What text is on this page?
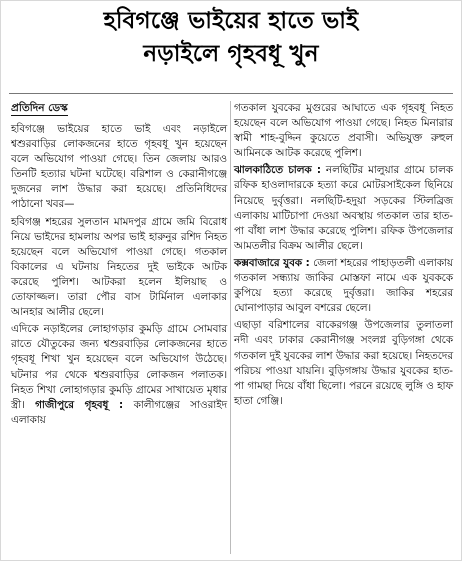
হবিগঞ্জে ভাইয়ের হাতে ভাই
নড়াইলে গৃহবধূ খুন
প্রতিদিন ডেস্ক

হবিগঞ্জে ভাইয়ের হাতে ভাই এবং নড়াইলে শ্বশুরবাড়ির লোকজনের হাতে গৃহবধূ খুন হয়েছেন বলে অভিযোগ পাওয়া গেছে। তিন জেলায় আরও তিনটি হত্যার ঘটনা ঘটেছে। বরিশাল ও কেরানীগঞ্জে দুজনের লাশ উদ্ধার করা হয়েছে। প্রতিনিধিদের পাঠানো খবর—

হবিগঞ্জ শহরের সুলতান মামদপুর গ্রামে জমি বিরোধ নিয়ে ভাইদের হামলায় অপর ভাই হারুনুর রশিদ নিহত হয়েছেন বলে অভিযোগ পাওয়া গেছে। গতকাল বিকালের এ ঘটনায় নিহতের দুই ভাইকে আটক করেছে পুলিশ। আটকরা হলেন ইলিয়াছ ও তোফাজ্জল। তারা পৌর বাস টার্মিনাল এলাকার আনহার আলীর ছেলে।

এদিকে নড়াইলের লোহাগড়ার কুমড়ি গ্রামে সোমবার রাতে যৌতুকের জন্য শ্বশুরবাড়ির লোকজনের হাতে গৃহবধূ শিখা খুন হয়েছেন বলে অভিযোগ উঠেছে। ঘটনার পর থেকে শ্বশুরবাড়ির লোকজন পলাতক। নিহত শিখা লোহাগড়ার কুমড়ি গ্রামের সাখায়েত মৃধার স্ত্রী। গাজীপুরে গৃহবধূ : কালীগঞ্জের সাওরাইদ এলাকায়

গতকাল যুবকের মুগুরের আঘাতে এক গৃহবধূ নিহত হয়েছেন বলে অভিযোগ পাওয়া গেছে। নিহত মিনারার স্বামী শাহ-বুদ্দিন কুয়েতে প্রবাসী। অভিযুক্ত রুহুল আমিনকে আটক করেছে পুলিশ।

ঝালকাঠিতে চালক : নলছিটির মালুয়ার গ্রামে চালক রফিক হাওলাদারকে হত্যা করে মোটরসাইকেল ছিনিয়ে নিয়েছে দুর্বৃত্তরা। নলছিটি-হদুয়া সড়কের স্টিলব্রিজ এলাকায় মাটিচাপা দেওয়া অবস্থায় গতকাল তার হাত-পা বাঁধা লাশ উদ্ধার করেছে পুলিশ। রফিক উপজেলার আমতলীর বিক্রম আলীর ছেলে।

কক্সবাজারে যুবক : জেলা শহরের পাহাড়তলী এলাকায় গতকাল সন্ধ্যায় জাকির মোস্তফা নামে এক যুবককে কুপিয়ে হত্যা করেছে দুর্বৃত্তরা। জাকির শহরের ঘোনাপাড়ার আবুল বশরের ছেলে।

এছাড়া বরিশালের বাকেরগঞ্জ উপজেলার তুলাতলা নদী এবং ঢাকার কেরানীগঞ্জ সংলগ্ন বুড়িগঙ্গা থেকে গতকাল দুই যুবকের লাশ উদ্ধার করা হয়েছে। নিহতদের পরিচয় পাওয়া যায়নি। বুড়িগঙ্গায় উদ্ধার যুবকের হাত-পা গামছা দিয়ে বাঁধা ছিলো। পরনে রয়েছে লুঙ্গি ও হাফ হাতা গেঞ্জি।
